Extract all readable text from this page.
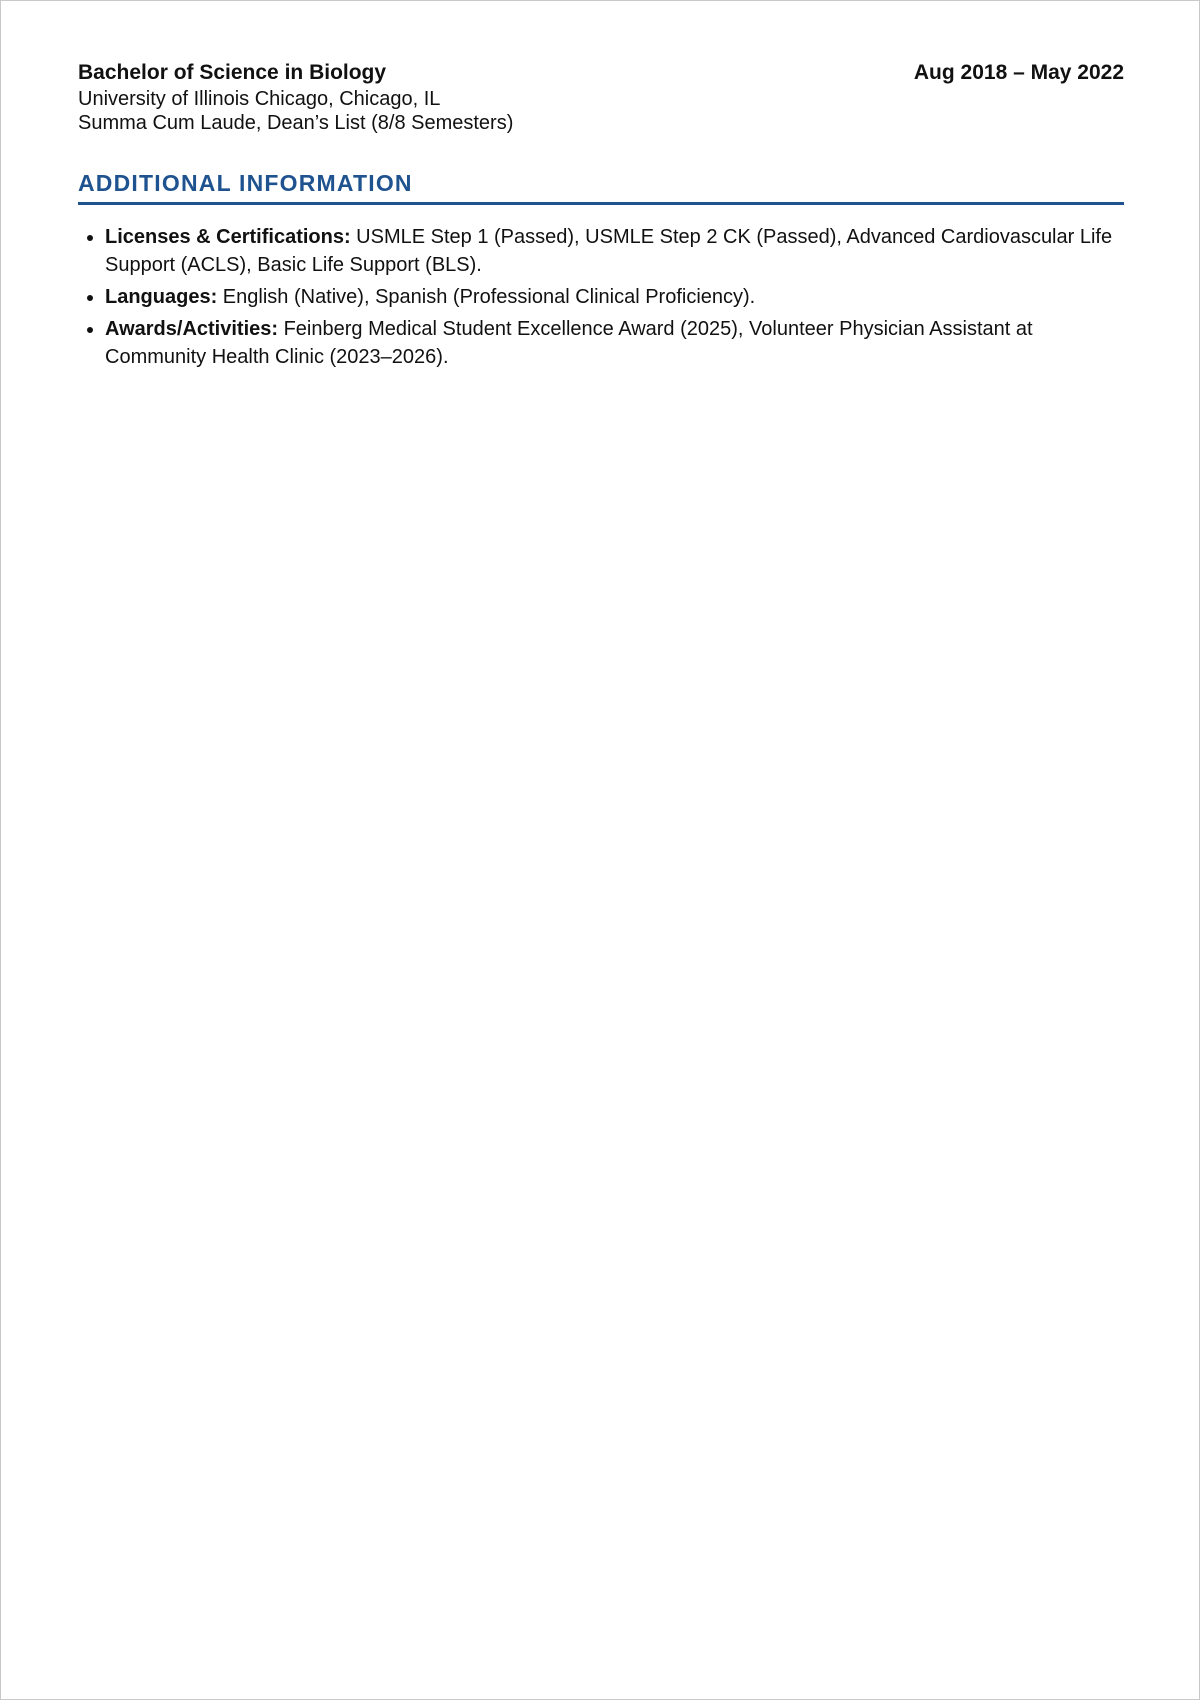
Bachelor of Science in Biology	Aug 2018 – May 2022
University of Illinois Chicago, Chicago, IL
Summa Cum Laude, Dean’s List (8/8 Semesters)
ADDITIONAL INFORMATION
• Licenses & Certifications: USMLE Step 1 (Passed), USMLE Step 2 CK (Passed), Advanced Cardiovascular Life Support (ACLS), Basic Life Support (BLS).
• Languages: English (Native), Spanish (Professional Clinical Proficiency).
• Awards/Activities: Feinberg Medical Student Excellence Award (2025), Volunteer Physician Assistant at Community Health Clinic (2023–2026).
